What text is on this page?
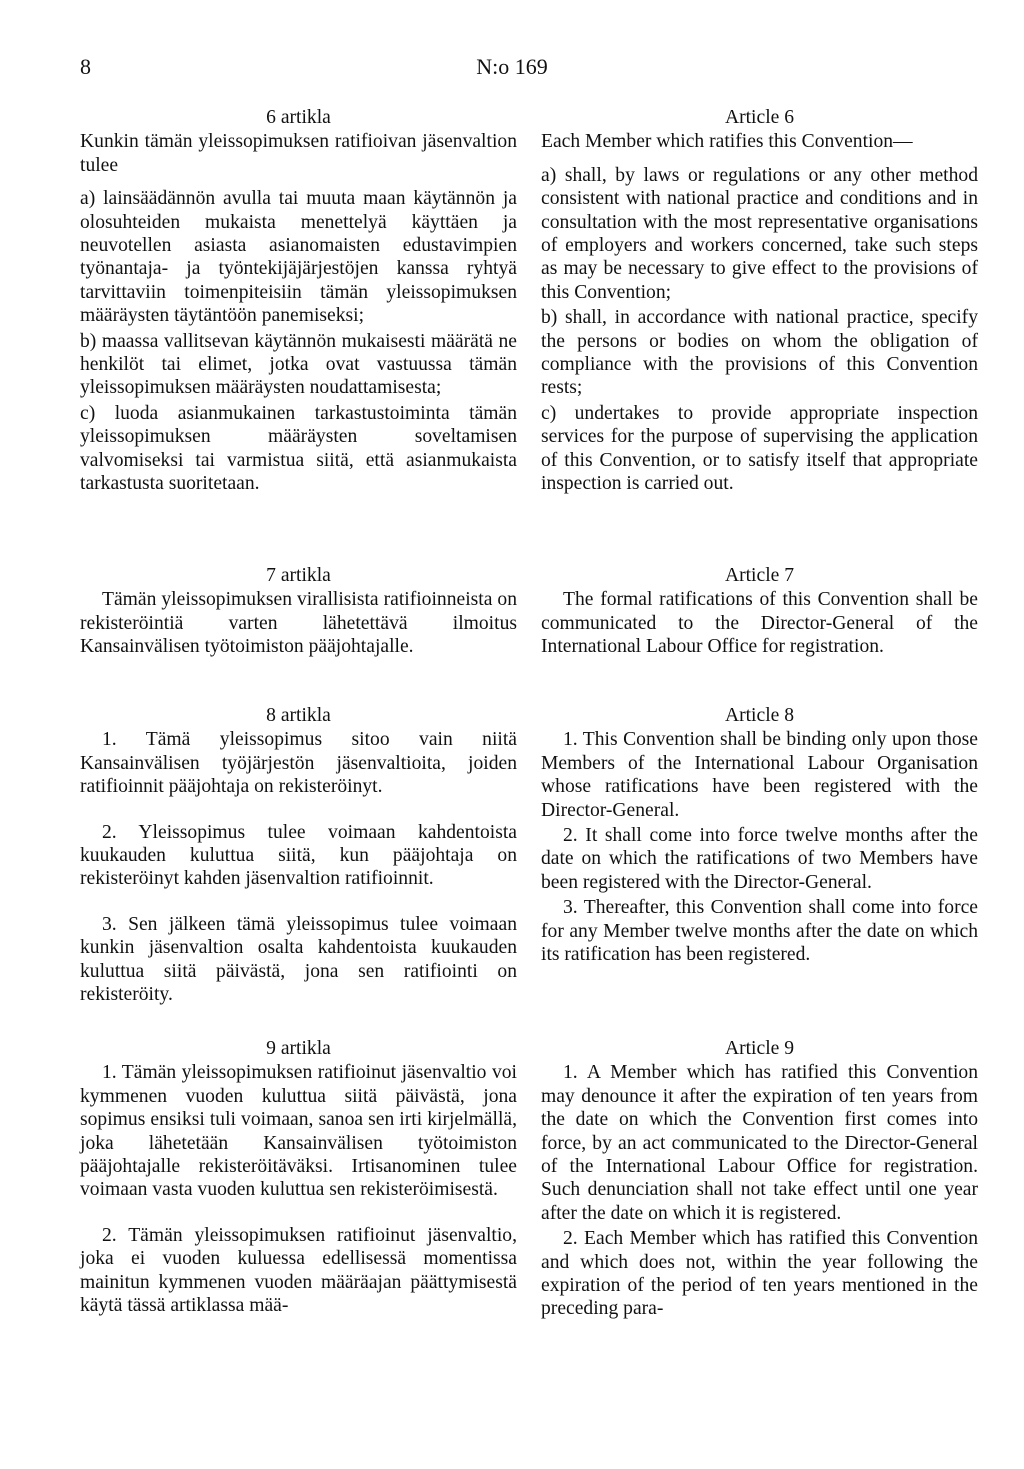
8	N:o 169

6 artikla

Kunkin tämän yleissopimuksen ratifioivan jäsenvaltion tulee

a) lainsäädännön avulla tai muuta maan käytännön ja olosuhteiden mukaista menettelyä käyttäen ja neuvotellen asiasta asianomaisten edustavimpien työnantaja- ja työntekijäjärjestöjen kanssa ryhtyä tarvittaviin toimenpiteisiin tämän yleissopimuksen määräysten täytäntöön panemiseksi;

b) maassa vallitsevan käytännön mukaisesti määrätä ne henkilöt tai elimet, jotka ovat vastuussa tämän yleissopimuksen määräysten noudattamisesta;

c) luoda asianmukainen tarkastustoiminta tämän yleissopimuksen määräysten soveltamisen valvomiseksi tai varmistua siitä, että asianmukaista tarkastusta suoritetaan.

7 artikla

Tämän yleissopimuksen virallisista ratifioinneista on rekisteröintiä varten lähetettävä ilmoitus Kansainvälisen työtoimiston pääjohtajalle.

8 artikla

1. Tämä yleissopimus sitoo vain niitä Kansainvälisen työjärjestön jäsenvaltioita, joiden ratifioinnit pääjohtaja on rekisteröinyt.

2. Yleissopimus tulee voimaan kahdentoista kuukauden kuluttua siitä, kun pääjohtaja on rekisteröinyt kahden jäsenvaltion ratifioinnit.

3. Sen jälkeen tämä yleissopimus tulee voimaan kunkin jäsenvaltion osalta kahdentoista kuukauden kuluttua siitä päivästä, jona sen ratifiointi on rekisteröity.

9 artikla

1. Tämän yleissopimuksen ratifioinut jäsenvaltio voi kymmenen vuoden kuluttua siitä päivästä, jona sopimus ensiksi tuli voimaan, sanoa sen irti kirjelmällä, joka lähetetään Kansainvälisen työtoimiston pääjohtajalle rekisteröitäväksi. Irtisanominen tulee voimaan vasta vuoden kuluttua sen rekisteröimisestä.

2. Tämän yleissopimuksen ratifioinut jäsenvaltio, joka ei vuoden kuluessa edellisessä momentissa mainitun kymmenen vuoden määräajan päättymisestä käytä tässä artiklassa mää-

Article 6

Each Member which ratifies this Convention—

a) shall, by laws or regulations or any other method consistent with national practice and conditions and in consultation with the most representative organisations of employers and workers concerned, take such steps as may be necessary to give effect to the provisions of this Convention;

b) shall, in accordance with national practice, specify the persons or bodies on whom the obligation of compliance with the provisions of this Convention rests;

c) undertakes to provide appropriate inspection services for the purpose of supervising the application of this Convention, or to satisfy itself that appropriate inspection is carried out.

Article 7

The formal ratifications of this Convention shall be communicated to the Director-General of the International Labour Office for registration.

Article 8

1. This Convention shall be binding only upon those Members of the International Labour Organisation whose ratifications have been registered with the Director-General.

2. It shall come into force twelve months after the date on which the ratifications of two Members have been registered with the Director-General.

3. Thereafter, this Convention shall come into force for any Member twelve months after the date on which its ratification has been registered.

Article 9

1. A Member which has ratified this Convention may denounce it after the expiration of ten years from the date on which the Convention first comes into force, by an act communicated to the Director-General of the International Labour Office for registration. Such denunciation shall not take effect until one year after the date on which it is registered.

2. Each Member which has ratified this Convention and which does not, within the year following the expiration of the period of ten years mentioned in the preceding para-
